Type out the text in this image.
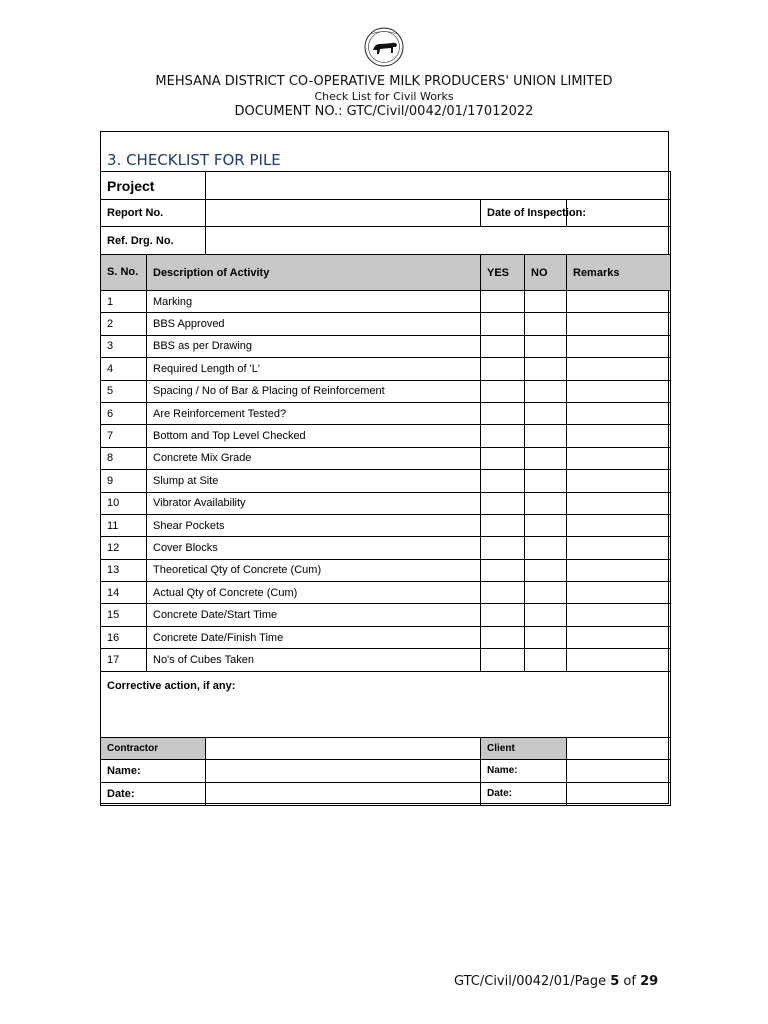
MEHSANA DISTRICT CO-OPERATIVE MILK PRODUCERS' UNION LIMITED
Check List for Civil Works
DOCUMENT NO.: GTC/Civil/0042/01/17012022
3. CHECKLIST FOR PILE
Project					
Report No.			Date of Inspection:		
Ref. Drg. No.					
S. No.	Description of Activity		YES	NO	Remarks
1	Marking				
2	BBS Approved				
3	BBS as per Drawing				
4	Required Length of 'L'				
5	Spacing / No of Bar & Placing of Reinforcement				
6	Are Reinforcement Tested?				
7	Bottom and Top Level Checked				
8	Concrete Mix Grade				
9	Slump at Site				
10	Vibrator Availability				
11	Shear Pockets				
12	Cover Blocks				
13	Theoretical Qty of Concrete (Cum)				
14	Actual Qty of Concrete (Cum)				
15	Concrete Date/Start Time				
16	Concrete Date/Finish Time				
17	No's of Cubes Taken				
Corrective action, if any:					
Contractor			Client		
Name:			Name:		
Date:			Date:		
GTC/Civil/0042/01/Page 5 of 29
